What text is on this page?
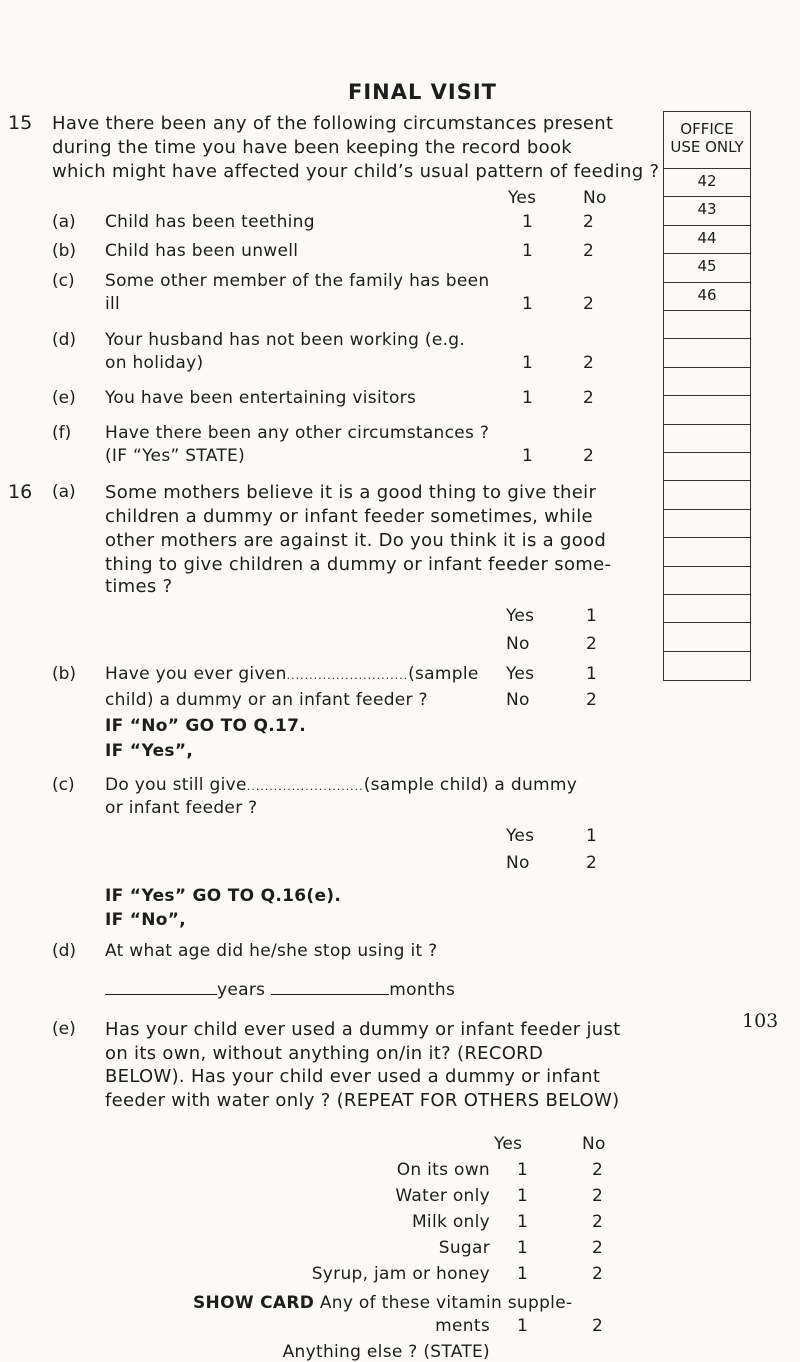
FINAL VISIT
15 Have there been any of the following circumstances present
during the time you have been keeping the record book
which might have affected your child’s usual pattern of feeding ?
Yes	No
(a) Child has been teething	1	2
(b) Child has been unwell	1	2
(c) Some other member of the family has been
ill	1	2
(d) Your husband has not been working (e.g.
on holiday)	1	2
(e) You have been entertaining visitors	1	2
(f) Have there been any other circumstances ?
(IF “Yes” STATE)	1	2
16 (a) Some mothers believe it is a good thing to give their
children a dummy or infant feeder sometimes, while
other mothers are against it. Do you think it is a good
thing to give children a dummy or infant feeder some-
times ?
Yes	1
No	2
(b) Have you ever given...........................(sample Yes	1
child) a dummy or an infant feeder ?	No	2
IF “No” GO TO Q.17.
IF “Yes”,
(c) Do you still give..........................(sample child) a dummy
or infant feeder ?
Yes	1
No	2
IF “Yes” GO TO Q.16(e).
IF “No”,
(d) At what age did he/she stop using it ?
years	months
(e) Has your child ever used a dummy or infant feeder just
on its own, without anything on/in it? (RECORD
BELOW). Has your child ever used a dummy or infant
feeder with water only ? (REPEAT FOR OTHERS BELOW)
Yes	No
On its own 1	2
Water only 1	2
Milk only 1	2
Sugar 1	2
Syrup, jam or honey 1	2
SHOW CARD Any of these vitamin supple-
ments 1	2
Anything else ? (STATE)
OFFICE
USE ONLY
42
43
44
45
46
103
